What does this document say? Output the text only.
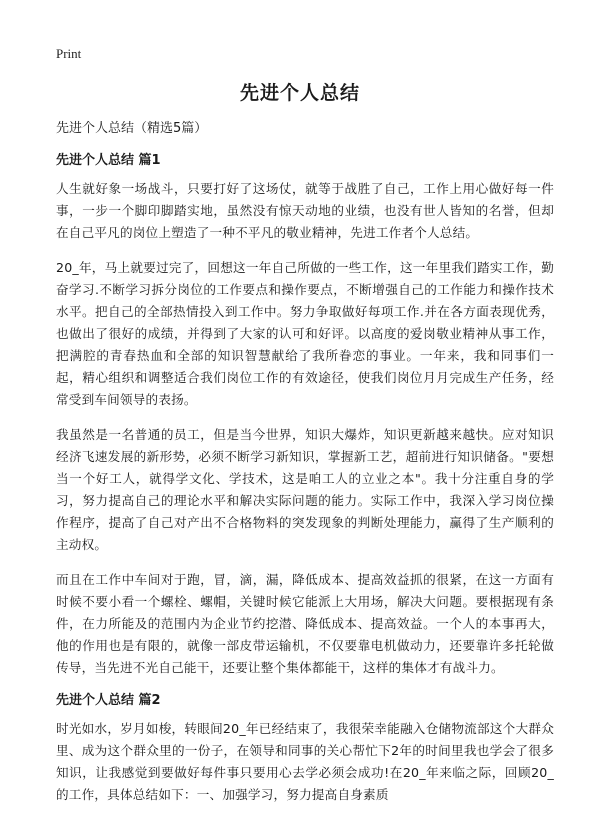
Print
先进个人总结

先进个人总结（精选5篇）

先进个人总结 篇1

人生就好象一场战斗，只要打好了这场仗，就等于战胜了自己，工作上用心做好每一件事，一步一个脚印脚踏实地，虽然没有惊天动地的业绩，也没有世人皆知的名誉，但却在自己平凡的岗位上塑造了一种不平凡的敬业精神，先进工作者个人总结。

20_年，马上就要过完了，回想这一年自己所做的一些工作，这一年里我们踏实工作，勤奋学习.不断学习拆分岗位的工作要点和操作要点，不断增强自己的工作能力和操作技术水平。把自己的全部热情投入到工作中。努力争取做好每项工作.并在各方面表现优秀，也做出了很好的成绩，并得到了大家的认可和好评。以高度的爱岗敬业精神从事工作，把满腔的青春热血和全部的知识智慧献给了我所眷恋的事业。一年来，我和同事们一起，精心组织和调整适合我们岗位工作的有效途径，使我们岗位月月完成生产任务，经常受到车间领导的表扬。

我虽然是一名普通的员工，但是当今世界，知识大爆炸，知识更新越来越快。应对知识经济飞速发展的新形势，必须不断学习新知识，掌握新工艺，超前进行知识储备。"要想当一个好工人，就得学文化、学技术，这是咱工人的立业之本"。我十分注重自身的学习，努力提高自己的理论水平和解决实际问题的能力。实际工作中，我深入学习岗位操作程序，提高了自己对产出不合格物料的突发现象的判断处理能力，赢得了生产顺利的主动权。

而且在工作中车间对于跑，冒，滴，漏，降低成本、提高效益抓的很紧，在这一方面有时候不要小看一个螺栓、螺帽，关键时候它能派上大用场，解决大问题。要根据现有条件，在力所能及的范围内为企业节约挖潜、降低成本、提高效益。一个人的本事再大，他的作用也是有限的，就像一部皮带运输机，不仅要靠电机做动力，还要靠许多托轮做传导，当先进不光自己能干，还要让整个集体都能干，这样的集体才有战斗力。

先进个人总结 篇2

时光如水，岁月如梭，转眼间20_年已经结束了，我很荣幸能融入仓储物流部这个大群众里、成为这个群众里的一份子，在领导和同事的关心帮忙下2年的时间里我也学会了很多知识，让我感觉到要做好每件事只要用心去学必须会成功!在20_年来临之际，回顾20_的工作，具体总结如下：一、加强学习，努力提高自身素质
